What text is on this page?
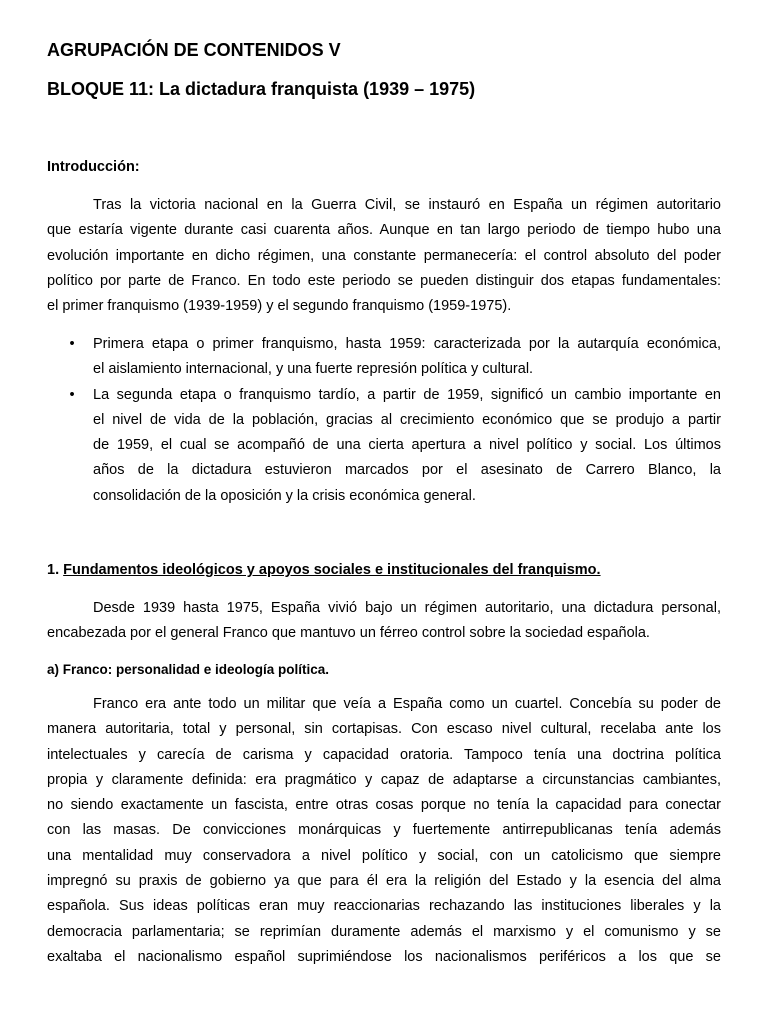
AGRUPACIÓN DE CONTENIDOS V
BLOQUE 11: La dictadura franquista (1939 – 1975)
Introducción:
Tras la victoria nacional en la Guerra Civil, se instauró en España un régimen autoritario
que estaría vigente durante casi cuarenta años. Aunque en tan largo periodo de tiempo hubo una
evolución importante en dicho régimen, una constante permanecería: el control absoluto del poder
político por parte de Franco. En todo este periodo se pueden distinguir dos etapas fundamentales:
el primer franquismo (1939-1959) y el segundo franquismo (1959-1975).
• Primera etapa o primer franquismo, hasta 1959: caracterizada por la autarquía económica,
el aislamiento internacional, y una fuerte represión política y cultural.
• La segunda etapa o franquismo tardío, a partir de 1959, significó un cambio importante en
el nivel de vida de la población, gracias al crecimiento económico que se produjo a partir
de 1959, el cual se acompañó de una cierta apertura a nivel político y social. Los últimos
años de la dictadura estuvieron marcados por el asesinato de Carrero Blanco, la
consolidación de la oposición y la crisis económica general.
1. Fundamentos ideológicos y apoyos sociales e institucionales del franquismo.
Desde 1939 hasta 1975, España vivió bajo un régimen autoritario, una dictadura personal,
encabezada por el general Franco que mantuvo un férreo control sobre la sociedad española.
a) Franco: personalidad e ideología política.
Franco era ante todo un militar que veía a España como un cuartel. Concebía su poder de
manera autoritaria, total y personal, sin cortapisas. Con escaso nivel cultural, recelaba ante los
intelectuales y carecía de carisma y capacidad oratoria. Tampoco tenía una doctrina política
propia y claramente definida: era pragmático y capaz de adaptarse a circunstancias cambiantes,
no siendo exactamente un fascista, entre otras cosas porque no tenía la capacidad para conectar
con las masas. De convicciones monárquicas y fuertemente antirrepublicanas tenía además
una mentalidad muy conservadora a nivel político y social, con un catolicismo que siempre
impregnó su praxis de gobierno ya que para él era la religión del Estado y la esencia del alma
española. Sus ideas políticas eran muy reaccionarias rechazando las instituciones liberales y la
democracia parlamentaria; se reprimían duramente además el marxismo y el comunismo y se
exaltaba el nacionalismo español suprimiéndose los nacionalismos periféricos a los que se
